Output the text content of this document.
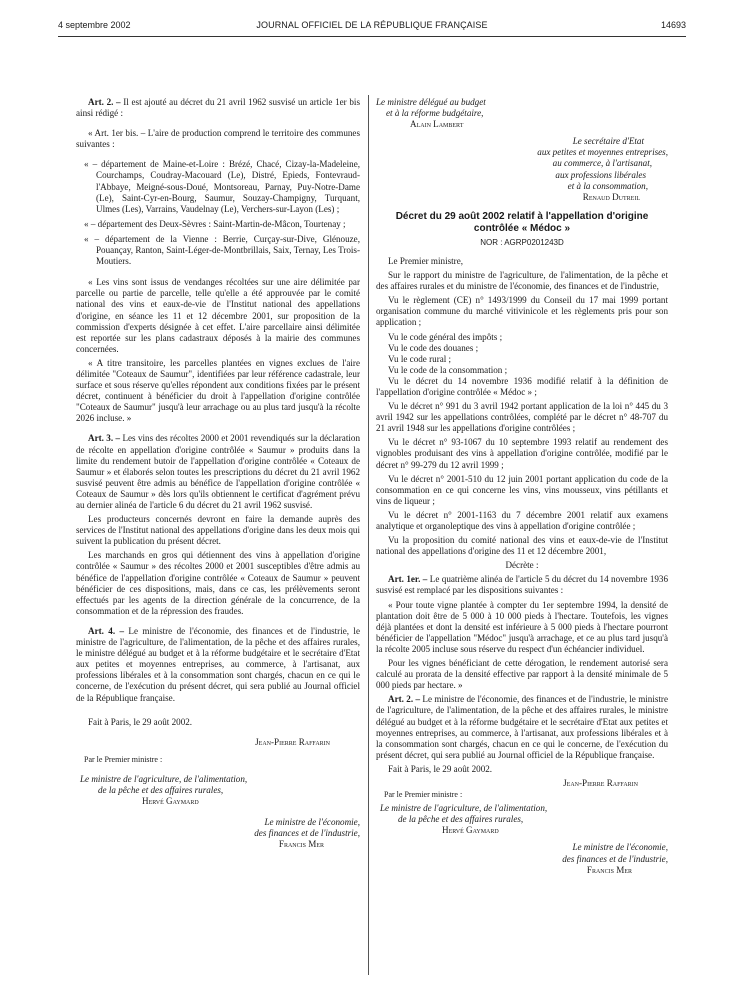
4 septembre 2002	JOURNAL OFFICIEL DE LA RÉPUBLIQUE FRANÇAISE	14693

Art. 2. – Il est ajouté au décret du 21 avril 1962 susvisé un article 1er bis ainsi rédigé :

« Art. 1er bis. – L'aire de production comprend le territoire des communes suivantes :

« – département de Maine-et-Loire : Brézé, Chacé, Cizay-la-Madeleine, Courchamps, Coudray-Macouard (Le), Distré, Epieds, Fontevraud-l'Abbaye, Meigné-sous-Doué, Montsoreau, Parnay, Puy-Notre-Dame (Le), Saint-Cyr-en-Bourg, Saumur, Souzay-Champigny, Turquant, Ulmes (Les), Varrains, Vaudelnay (Le), Verchers-sur-Layon (Les) ;
« – département des Deux-Sèvres : Saint-Martin-de-Mâcon, Tourtenay ;
« – département de la Vienne : Berrie, Curçay-sur-Dive, Glénouze, Pouançay, Ranton, Saint-Léger-de-Montbrillais, Saix, Ternay, Les Trois-Moutiers.

« Les vins sont issus de vendanges récoltées sur une aire délimitée par parcelle ou partie de parcelle, telle qu'elle a été approuvée par le comité national des vins et eaux-de-vie de l'Institut national des appellations d'origine, en séance les 11 et 12 décembre 2001, sur proposition de la commission d'experts désignée à cet effet. L'aire parcellaire ainsi délimitée est reportée sur les plans cadastraux déposés à la mairie des communes concernées.

« A titre transitoire, les parcelles plantées en vignes exclues de l'aire délimitée "Coteaux de Saumur", identifiées par leur référence cadastrale, leur surface et sous réserve qu'elles répondent aux conditions fixées par le présent décret, continuent à bénéficier du droit à l'appellation d'origine contrôlée "Coteaux de Saumur" jusqu'à leur arrachage ou au plus tard jusqu'à la récolte 2026 incluse. »

Art. 3. – Les vins des récoltes 2000 et 2001 revendiqués sur la déclaration de récolte en appellation d'origine contrôlée « Saumur » produits dans la limite du rendement butoir de l'appellation d'origine contrôlée « Coteaux de Saumur » et élaborés selon toutes les prescriptions du décret du 21 avril 1962 susvisé peuvent être admis au bénéfice de l'appellation d'origine contrôlée « Coteaux de Saumur » dès lors qu'ils obtiennent le certificat d'agrément prévu au dernier alinéa de l'article 6 du décret du 21 avril 1962 susvisé.

Les producteurs concernés devront en faire la demande auprès des services de l'Institut national des appellations d'origine dans les deux mois qui suivent la publication du présent décret.

Les marchands en gros qui détiennent des vins à appellation d'origine contrôlée « Saumur » des récoltes 2000 et 2001 susceptibles d'être admis au bénéfice de l'appellation d'origine contrôlée « Coteaux de Saumur » peuvent bénéficier de ces dispositions, mais, dans ce cas, les prélèvements seront effectués par les agents de la direction générale de la concurrence, de la consommation et de la répression des fraudes.

Art. 4. – Le ministre de l'économie, des finances et de l'industrie, le ministre de l'agriculture, de l'alimentation, de la pêche et des affaires rurales, le ministre délégué au budget et à la réforme budgétaire et le secrétaire d'Etat aux petites et moyennes entreprises, au commerce, à l'artisanat, aux professions libérales et à la consommation sont chargés, chacun en ce qui le concerne, de l'exécution du présent décret, qui sera publié au Journal officiel de la République française.

Fait à Paris, le 29 août 2002.

Jean-Pierre Raffarin

Par le Premier ministre :

Le ministre de l'agriculture, de l'alimentation,

de la pêche et des affaires rurales,

Hervé Gaymard

Le ministre de l'économie,

des finances et de l'industrie,

Francis Mer

Le ministre délégué au budget

et à la réforme budgétaire,

Alain Lambert

Le secrétaire d'Etat

aux petites et moyennes entreprises,

au commerce, à l'artisanat,

aux professions libérales

et à la consommation,

Renaud Dutreil

Décret du 29 août 2002 relatif à l'appellation d'origine contrôlée « Médoc »

NOR : AGRP0201243D

Le Premier ministre,

Sur le rapport du ministre de l'agriculture, de l'alimentation, de la pêche et des affaires rurales et du ministre de l'économie, des finances et de l'industrie,

Vu le règlement (CE) n° 1493/1999 du Conseil du 17 mai 1999 portant organisation commune du marché vitivinicole et les règlements pris pour son application ;

Vu le code général des impôts ;

Vu le code des douanes ;

Vu le code rural ;

Vu le code de la consommation ;

Vu le décret du 14 novembre 1936 modifié relatif à la définition de l'appellation d'origine contrôlée « Médoc » ;

Vu le décret n° 991 du 3 avril 1942 portant application de la loi n° 445 du 3 avril 1942 sur les appellations contrôlées, complété par le décret n° 48-707 du 21 avril 1948 sur les appellations d'origine contrôlées ;

Vu le décret n° 93-1067 du 10 septembre 1993 relatif au rendement des vignobles produisant des vins à appellation d'origine contrôlée, modifié par le décret n° 99-279 du 12 avril 1999 ;

Vu le décret n° 2001-510 du 12 juin 2001 portant application du code de la consommation en ce qui concerne les vins, vins mousseux, vins pétillants et vins de liqueur ;

Vu le décret n° 2001-1163 du 7 décembre 2001 relatif aux examens analytique et organoleptique des vins à appellation d'origine contrôlée ;

Vu la proposition du comité national des vins et eaux-de-vie de l'Institut national des appellations d'origine des 11 et 12 décembre 2001,

Décrète :

Art. 1er. – Le quatrième alinéa de l'article 5 du décret du 14 novembre 1936 susvisé est remplacé par les dispositions suivantes :

« Pour toute vigne plantée à compter du 1er septembre 1994, la densité de plantation doit être de 5 000 à 10 000 pieds à l'hectare. Toutefois, les vignes déjà plantées et dont la densité est inférieure à 5 000 pieds à l'hectare pourront bénéficier de l'appellation "Médoc" jusqu'à arrachage, et ce au plus tard jusqu'à la récolte 2005 incluse sous réserve du respect d'un échéancier individuel.

Pour les vignes bénéficiant de cette dérogation, le rendement autorisé sera calculé au prorata de la densité effective par rapport à la densité minimale de 5 000 pieds par hectare. »

Art. 2. – Le ministre de l'économie, des finances et de l'industrie, le ministre de l'agriculture, de l'alimentation, de la pêche et des affaires rurales, le ministre délégué au budget et à la réforme budgétaire et le secrétaire d'Etat aux petites et moyennes entreprises, au commerce, à l'artisanat, aux professions libérales et à la consommation sont chargés, chacun en ce qui le concerne, de l'exécution du présent décret, qui sera publié au Journal officiel de la République française.

Fait à Paris, le 29 août 2002.

Jean-Pierre Raffarin

Par le Premier ministre :

Le ministre de l'agriculture, de l'alimentation,

de la pêche et des affaires rurales,

Hervé Gaymard

Le ministre de l'économie,

des finances et de l'industrie,

Francis Mer
